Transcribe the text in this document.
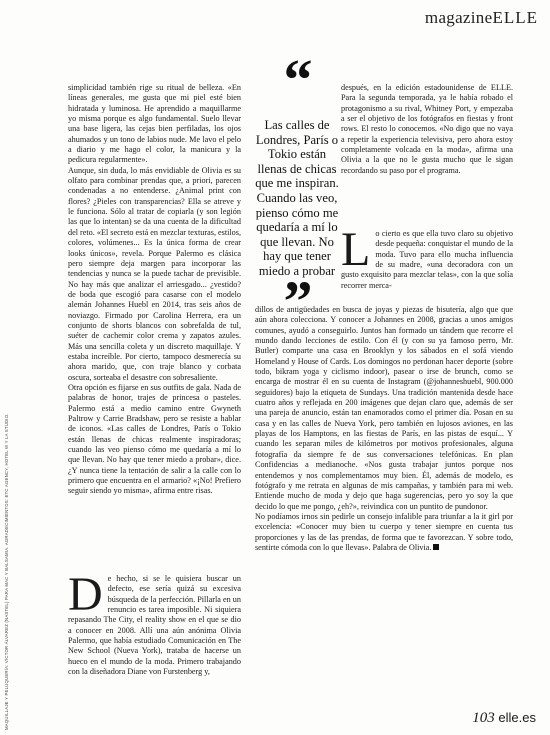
magazineELLE
MAQUILLAJE Y PELUQUERÍA: VÍCTOR ÁLVAREZ (NASTEL) PARA MAC Y BALSAMIA. AGRADECIMIENTOS: ETC AGENCY, HOTEL W Y LA STUDIO.

simplicidad también rige su ritual de belleza. «En líneas generales, me gusta que mi piel esté bien hidratada y luminosa. He aprendido a maquillarme yo misma porque es algo fundamental. Suelo llevar una base ligera, las cejas bien perfiladas, los ojos ahumados y un tono de labios nude. Me lavo el pelo a diario y me hago el color, la manicura y la pedicura regularmente».

Aunque, sin duda, lo más envidiable de Olivia es su olfato para combinar prendas que, a priori, parecen condenadas a no entenderse. ¿Animal print con flores? ¿Pieles con transparencias? Ella se atreve y le funciona. Sólo al tratar de copiarla (y son legión las que lo intentan) se da una cuenta de la dificultad del reto. «El secreto está en mezclar texturas, estilos, colores, volúmenes... Es la única forma de crear looks únicos», revela. Porque Palermo es clásica pero siempre deja margen para incorporar las tendencias y nunca se la puede tachar de previsible. No hay más que analizar el arriesgado... ¿vestido? de boda que escogió para casarse con el modelo alemán Johannes Huebl en 2014, tras seis años de noviazgo. Firmado por Carolina Herrera, era un conjunto de shorts blancos con sobrefalda de tul, suéter de cachemir color crema y zapatos azules. Más una sencilla coleta y un discreto maquillaje. Y estaba increíble. Por cierto, tampoco desmerecía su ahora marido, que, con traje blanco y corbata oscura, sorteaba el desastre con sobresaliente.

Otra opción es fijarse en sus outfits de gala. Nada de palabras de honor, trajes de princesa o pasteles. Palermo está a medio camino entre Gwyneth Paltrow y Carrie Bradshaw, pero se resiste a hablar de iconos. «Las calles de Londres, París o Tokio están llenas de chicas realmente inspiradoras; cuando las veo pienso cómo me quedaría a mí lo que llevan. No hay que tener miedo a probar», dice. ¿Y nunca tiene la tentación de salir a la calle con lo primero que encuentra en el armario? «¡No! Prefiero seguir siendo yo misma», afirma entre risas.

D e hecho, si se le quisiera buscar un defecto, ese sería quizá su excesiva búsqueda de la perfección. Pillarla en un renuncio es tarea imposible. Ni siquiera repasando The City, el reality show en el que se dio a conocer en 2008. Allí una aún anónima Olivia Palermo, que había estudiado Comunicación en The New School (Nueva York), trataba de hacerse un hueco en el mundo de la moda. Primero trabajando con la diseñadora Diane von Furstenberg y,

“
Las calles de Londres, París o Tokio están llenas de chicas que me inspiran. Cuando las veo, pienso cómo me quedaría a mí lo que llevan. No hay que tener miedo a probar
”

después, en la edición estadounidense de ELLE. Para la segunda temporada, ya le había robado el protagonismo a su rival, Whitney Port, y empezaba a ser el objetivo de los fotógrafos en fiestas y front rows. El resto lo conocemos. «No digo que no vaya a repetir la experiencia televisiva, pero ahora estoy completamente volcada en la moda», afirma una Olivia a la que no le gusta mucho que le sigan recordando su paso por el programa.

L o cierto es que ella tuvo claro su objetivo desde pequeña: conquistar el mundo de la moda. Tuvo para ello mucha influencia de su madre, «una decoradora con un gusto exquisito para mezclar telas», con la que solía recorrer merca-

dillos de antigüedades en busca de joyas y piezas de bisutería, algo que que aún ahora colecciona. Y conocer a Johannes en 2008, gracias a unos amigos comunes, ayudó a conseguirlo. Juntos han formado un tándem que recorre el mundo dando lecciones de estilo. Con él (y con su ya famoso perro, Mr. Butler) comparte una casa en Brooklyn y los sábados en el sofá viendo Homeland y House of Cards. Los domingos no perdonan hacer deporte (sobre todo, bikram yoga y ciclismo indoor), pasear o irse de brunch, como se encarga de mostrar él en su cuenta de Instagram (@johanneshuebl, 900.000 seguidores) bajo la etiqueta de Sundays. Una tradición mantenida desde hace cuatro años y reflejada en 200 imágenes que dejan claro que, además de ser una pareja de anuncio, están tan enamorados como el primer día. Posan en su casa y en las calles de Nueva York, pero también en lujosos aviones, en las playas de los Hamptons, en las fiestas de París, en las pistas de esquí... Y cuando les separan miles de kilómetros por motivos profesionales, alguna fotografía da siempre fe de sus conversaciones telefónicas. En plan Confidencias a medianoche. «Nos gusta trabajar juntos porque nos entendemos y nos complementamos muy bien. Él, además de modelo, es fotógrafo y me retrata en algunas de mis campañas, y también para mi web. Entiende mucho de moda y dejo que haga sugerencias, pero yo soy la que decido lo que me pongo, ¿eh?», reivindica con un puntito de pundonor.

No podíamos irnos sin pedirle un consejo infalible para triunfar a la it girl por excelencia: «Conocer muy bien tu cuerpo y tener siempre en cuenta tus proporciones y las de las prendas, de forma que te favorezcan. Y sobre todo, sentirte cómoda con lo que llevas». Palabra de Olivia.

103 elle.es
